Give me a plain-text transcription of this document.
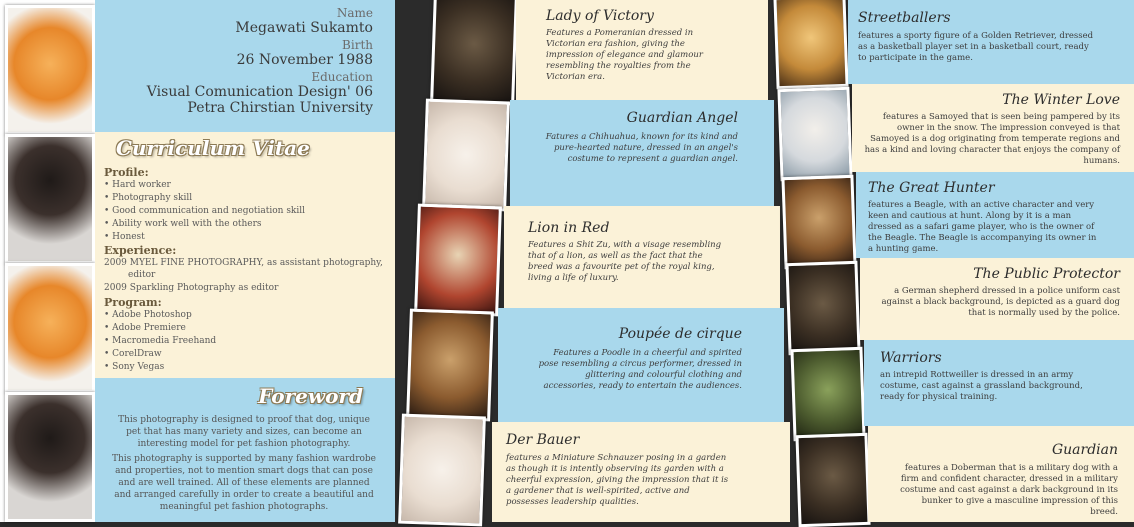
Name
Megawati Sukamto
Birth
26 November 1988
Education
Visual Comunication Design' 06
Petra Chirstian University
Curriculum Vitae
Profile:
• Hard worker
• Photography skill
• Good communication and negotiation skill
• Ability work well with the others
• Honest
Experience:
2009 MYEL FINE PHOTOGRAPHY, as assistant photography,
editor
2009 Sparkling Photography as editor
Program:
• Adobe Photoshop
• Adobe Premiere
• Macromedia Freehand
• CorelDraw
• Sony Vegas
Foreword
This photography is designed to proof that dog, unique pet that has many variety and sizes, can become an interesting model for pet fashion photography.
This photography is supported by many fashion wardrobe and properties, not to mention smart dogs that can pose and are well trained. All of these elements are planned and arranged carefully in order to create a beautiful and meaningful pet fashion photographs.
Lady of Victory
Features a Pomeranian dressed in Victorian era fashion, giving the impression of elegance and glamour resembling the royalties from the Victorian era.
Guardian Angel
Fatures a Chihuahua, known for its kind and pure-hearted nature, dressed in an angel's costume to represent a guardian angel.
Lion in Red
Features a Shit Zu, with a visage resembling that of a lion, as well as the fact that the breed was a favourite pet of the royal king, living a life of luxury.
Poupée de cirque
Features a Poodle in a cheerful and spirited pose resembling a circus performer, dressed in glittering and colourful clothing and accessories, ready to entertain the audiences.
Der Bauer
features a Miniature Schnauzer posing in a garden as though it is intently observing its garden with a cheerful expression, giving the impression that it is a gardener that is well-spirited, active and possesses leadership qualities.
Streetballers
features a sporty figure of a Golden Retriever, dressed as a basketball player set in a basketball court, ready to participate in the game.
The Winter Love
features a Samoyed that is seen being pampered by its owner in the snow. The impression conveyed is that Samoyed is a dog originating from temperate regions and has a kind and loving character that enjoys the company of humans.
The Great Hunter
features a Beagle, with an active character and very keen and cautious at hunt. Along by it is a man dressed as a safari game player, who is the owner of the Beagle. The Beagle is accompanying its owner in a hunting game.
The Public Protector
a German shepherd dressed in a police uniform cast against a black background, is depicted as a guard dog that is normally used by the police.
Warriors
an intrepid Rottweiller is dressed in an army costume, cast against a grassland background, ready for physical training.
Guardian
features a Doberman that is a military dog with a firm and confident character, dressed in a military costume and cast against a dark background in its bunker to give a masculine impression of this breed.
